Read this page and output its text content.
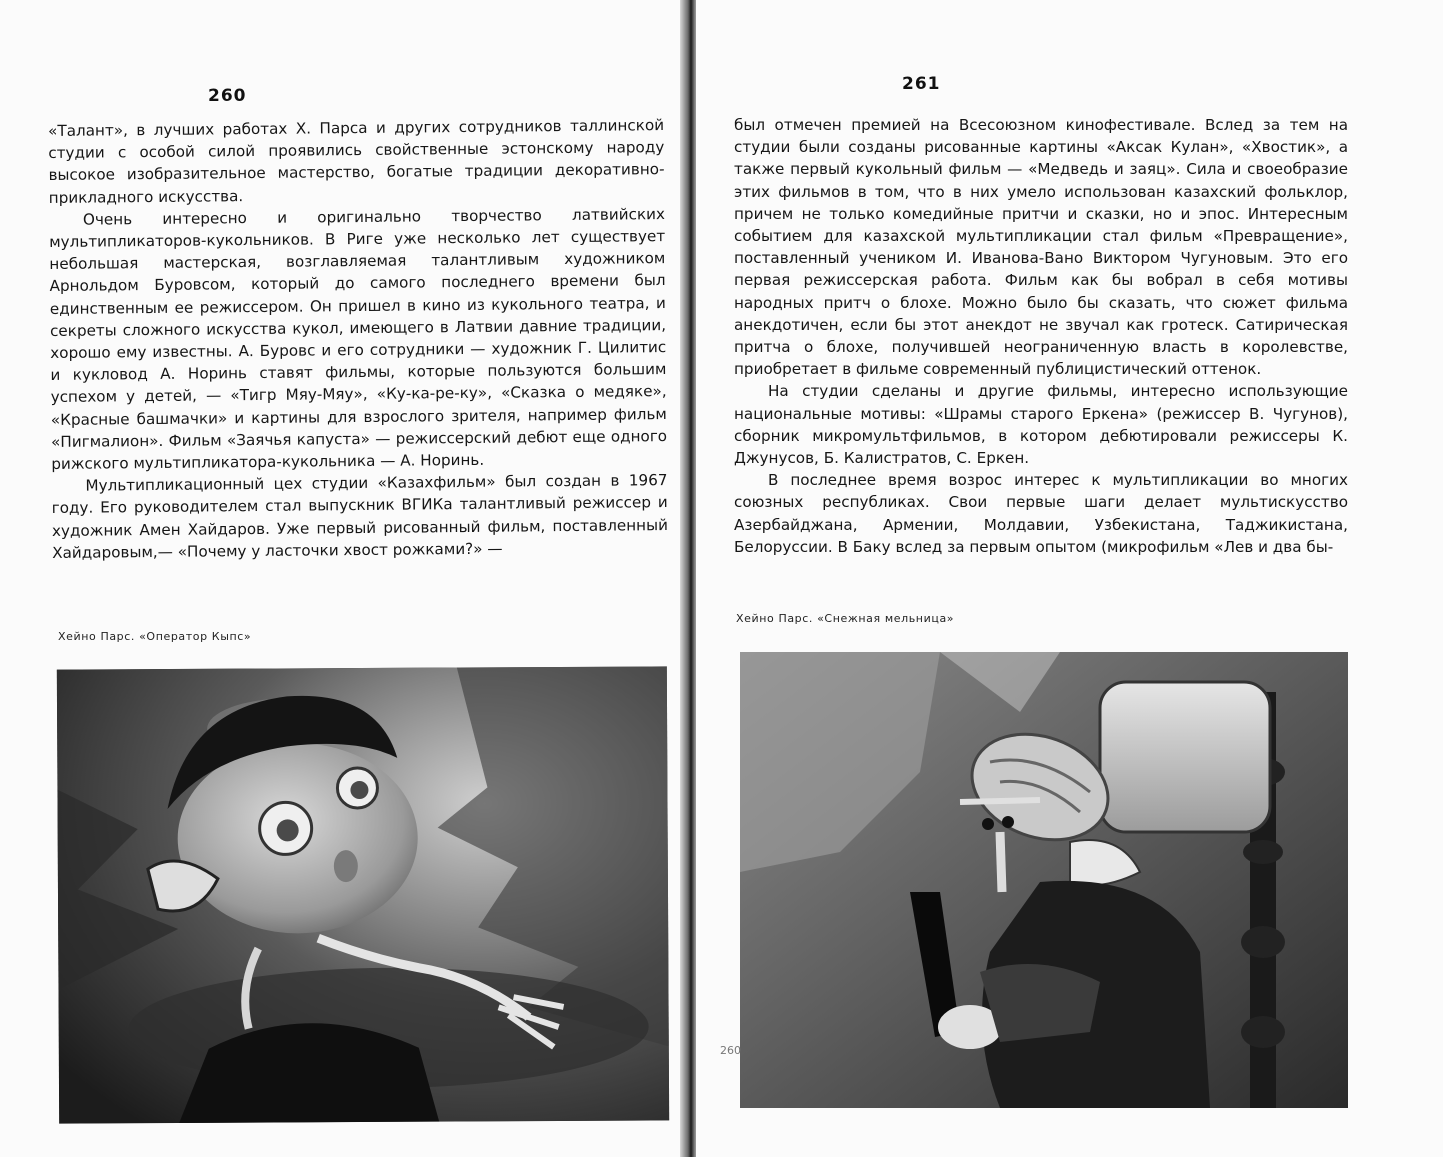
260

«Талант», в лучших работах X. Парса и других сотрудников таллинской студии с особой силой проявились свойственные эстонскому народу высокое изобразительное мастерство, богатые традиции декоративно-прикладного искусства.

Очень интересно и оригинально творчество латвийских мультипликаторов-кукольников. В Риге уже несколько лет существует небольшая мастерская, возглавляемая талантливым художником Арнольдом Буровсом, который до самого последнего времени был единственным ее режиссером. Он пришел в кино из кукольного театра, и секреты сложного искусства кукол, имеющего в Латвии давние традиции, хорошо ему известны. А. Буровс и его сотрудники — художник Г. Цилитис и кукловод А. Норинь ставят фильмы, которые пользуются большим успехом у детей, — «Тигр Мяу-Мяу», «Ку-ка-ре-ку», «Сказка о медяке», «Красные башмачки» и картины для взрослого зрителя, например фильм «Пигмалион». Фильм «Заячья капуста» — режиссерский дебют еще одного рижского мультипликатора-кукольника — А. Норинь.

Мультипликационный цех студии «Казахфильм» был создан в 1967 году. Его руководителем стал выпускник ВГИКа талантливый режиссер и художник Амен Хайдаров. Уже первый рисованный фильм, поставленный Хайдаровым,— «Почему у ласточки хвост рожками?» —

Хейно Парс. «Оператор Кыпс»
261

был отмечен премией на Всесоюзном кинофестивале. Вслед за тем на студии были созданы рисованные картины «Аксак Кулан», «Хвостик», а также первый кукольный фильм — «Медведь и заяц». Сила и своеобразие этих фильмов в том, что в них умело использован казахский фольклор, причем не только комедийные притчи и сказки, но и эпос. Интересным событием для казахской мультипликации стал фильм «Превращение», поставленный учеником И. Иванова-Вано Виктором Чугуновым. Это его первая режиссерская работа. Фильм как бы вобрал в себя мотивы народных притч о блохе. Можно было бы сказать, что сюжет фильма анекдотичен, если бы этот анекдот не звучал как гротеск. Сатирическая притча о блохе, получившей неограниченную власть в королевстве, приобретает в фильме современный публицистический оттенок.

На студии сделаны и другие фильмы, интересно использующие национальные мотивы: «Шрамы старого Еркена» (режиссер В. Чугунов), сборник микромультфильмов, в котором дебютировали режиссеры К. Джунусов, Б. Калистратов, С. Еркен.

В последнее время возрос интерес к мультипликации во многих союзных республиках. Свои первые шаги делает мультискусство Азербайджана, Армении, Молдавии, Узбекистана, Таджикистана, Белоруссии. В Баку вслед за первым опытом (микрофильм «Лев и два бы-

Хейно Парс. «Снежная мельница»
260
